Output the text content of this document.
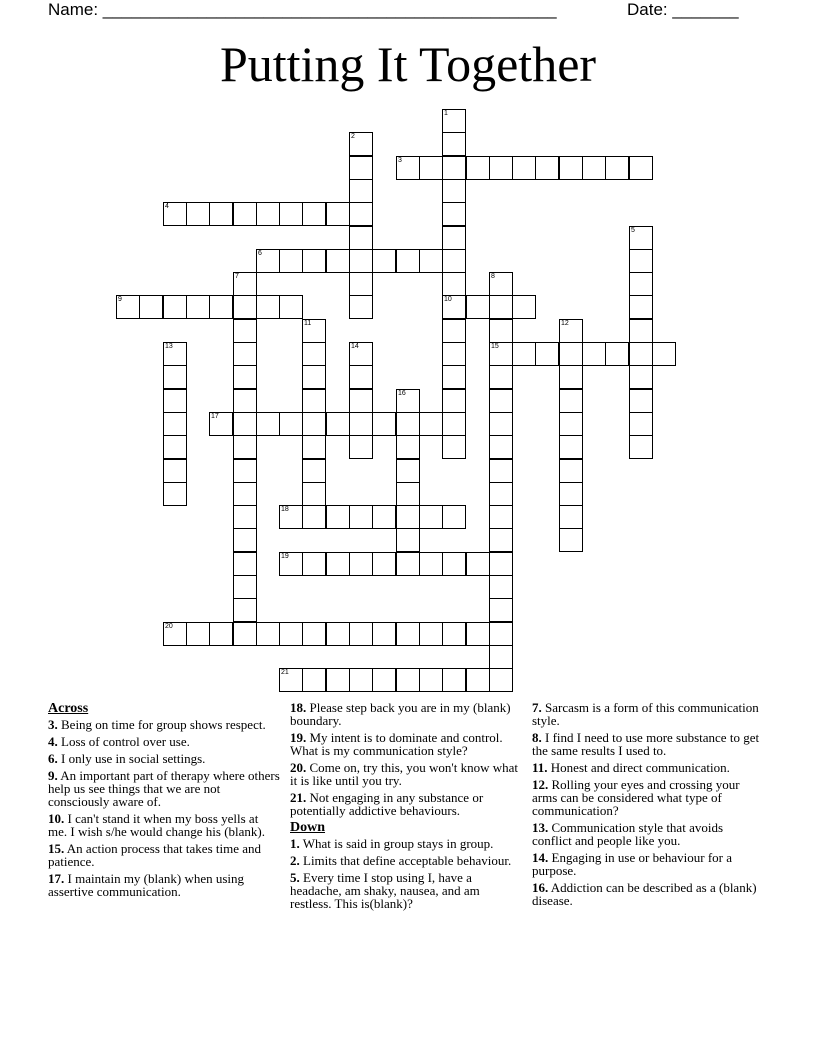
Name: ________________________________________________	Date: _______
Putting It Together
1
10
2
3
4
5
6
7	8
15
9
11	12
13	14
16
17
18
19
20
21
Across
3. Being on time for group shows respect.
4. Loss of control over use.
6. I only use in social settings.
9. An important part of therapy where others help us see things that we are not consciously aware of.
10. I can't stand it when my boss yells at me. I wish s/he would change his (blank).
15. An action process that takes time and patience.
17. I maintain my (blank) when using assertive communication.
18. Please step back you are in my (blank) boundary.
19. My intent is to dominate and control. What is my communication style?
20. Come on, try this, you won't know what it is like until you try.
21. Not engaging in any substance or potentially addictive behaviours.
Down
1. What is said in group stays in group.
2. Limits that define acceptable behaviour.
5. Every time I stop using I, have a headache, am shaky, nausea, and am restless. This is(blank)?
7. Sarcasm is a form of this communication style.
8. I find I need to use more substance to get the same results I used to.
11. Honest and direct communication.
12. Rolling your eyes and crossing your arms can be considered what type of communication?
13. Communication style that avoids conflict and people like you.
14. Engaging in use or behaviour for a purpose.
16. Addiction can be described as a (blank) disease.
